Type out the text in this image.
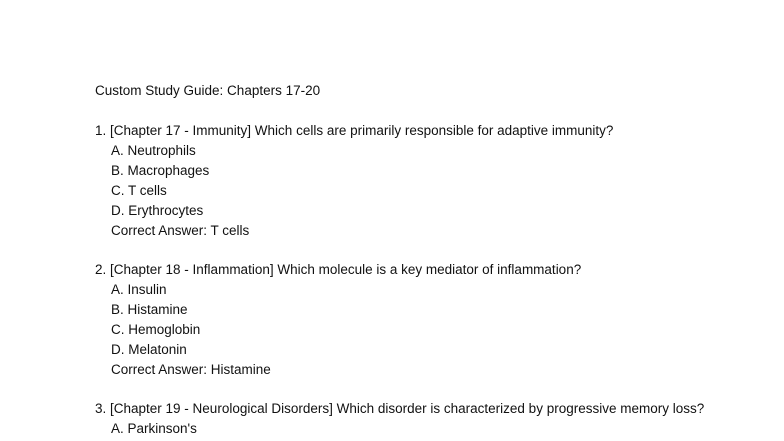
Custom Study Guide: Chapters 17-20
1. [Chapter 17 - Immunity] Which cells are primarily responsible for adaptive immunity?
A. Neutrophils
B. Macrophages
C. T cells
D. Erythrocytes
Correct Answer: T cells
2. [Chapter 18 - Inflammation] Which molecule is a key mediator of inflammation?
A. Insulin
B. Histamine
C. Hemoglobin
D. Melatonin
Correct Answer: Histamine
3. [Chapter 19 - Neurological Disorders] Which disorder is characterized by progressive memory loss?
A. Parkinson's
